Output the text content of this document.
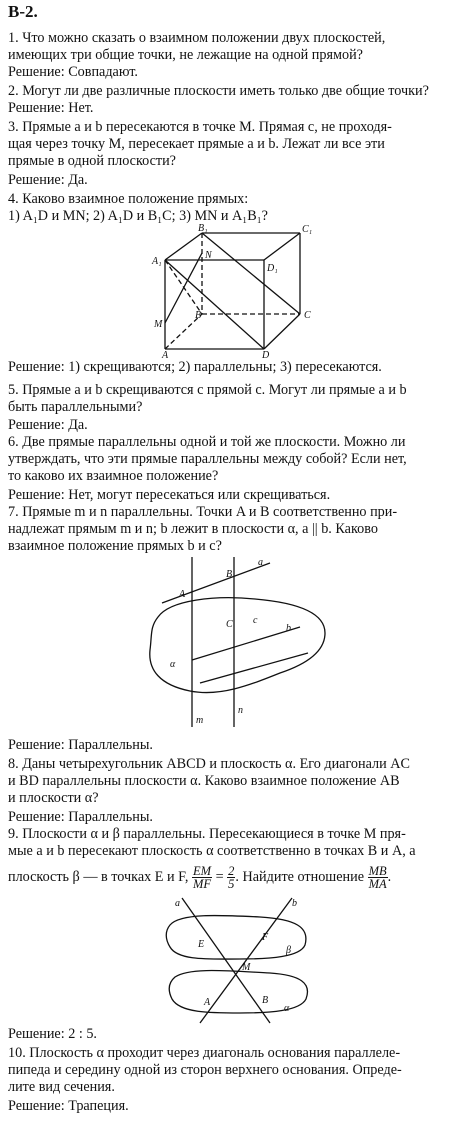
В-2.
1. Что можно сказать о взаимном положении двух плоскостей,
имеющих три общие точки, не лежащие на одной прямой?
Решение: Совпадают.
2. Могут ли две различные плоскости иметь только две общие точки?
Решение: Нет.
3. Прямые a и b пересекаются в точке M. Прямая c, не проходя-
щая через точку M, пересекает прямые a и b. Лежат ли все эти
прямые в одной плоскости?
Решение: Да.
4. Каково взаимное положение прямых:
1) A₁D и MN; 2) A₁D и B₁C; 3) MN и A₁B₁?
B₁	C₁
A₁
D₁
N
B	C
M
A	D
Решение: 1) скрещиваются; 2) параллельны; 3) пересекаются.
5. Прямые a и b скрещиваются с прямой c. Могут ли прямые a и b
быть параллельными?
Решение: Да.
6. Две прямые параллельны одной и той же плоскости. Можно ли
утверждать, что эти прямые параллельны между собой? Если нет,
то каково их взаимное положение?
Решение: Нет, могут пересекаться или скрещиваться.
7. Прямые m и n параллельны. Точки A и B соответственно при-
надлежат прямым m и n; b лежит в плоскости α, a || b. Каково
взаимное положение прямых b и c?
A
B
a
C c
b
α
m
n
Решение: Параллельны.
8. Даны четырехугольник ABCD и плоскость α. Его диагонали AC
и BD параллельны плоскости α. Каково взаимное положение AB
и плоскости α?
Решение: Параллельны.
9. Плоскости α и β параллельны. Пересекающиеся в точке M пря-
мые a и b пересекают плоскость α соответственно в точках B и A, а
плоскость β — в точках E и F, $\frac{EM}{MF} = \frac{2}{5}$ . Найдите отношение $\frac{MB}{MA}$ .
a	b
E
F
β
M
A	B
α
Решение: 2 : 5.
10. Плоскость α проходит через диагональ основания параллеле-
пипеда и середину одной из сторон верхнего основания. Опреде-
лите вид сечения.
Решение: Трапеция.
